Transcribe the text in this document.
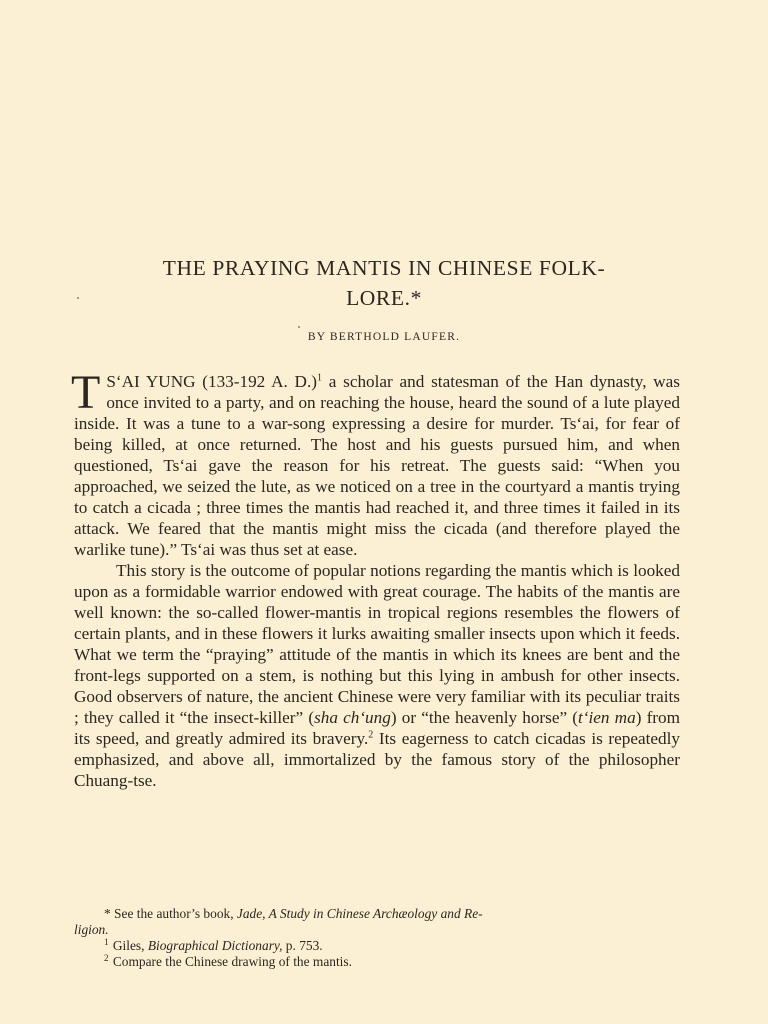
THE PRAYING MANTIS IN CHINESE FOLK-
LORE.*

BY BERTHOLD LAUFER.

T S‘AI YUNG (133-192 A. D.)$^1$ a scholar and statesman of the Han dynasty, was once invited to a party, and on reaching the house, heard the sound of a lute played inside. It was a tune to a war-song expressing a desire for murder. Ts‘ai, for fear of being killed, at once returned. The host and his guests pursued him, and when questioned, Ts‘ai gave the reason for his retreat. The guests said: “When you approached, we seized the lute, as we noticed on a tree in the courtyard a mantis trying to catch a cicada ; three times the mantis had reached it, and three times it failed in its attack. We feared that the mantis might miss the cicada (and therefore played the warlike tune).” Ts‘ai was thus set at ease.

This story is the outcome of popular notions regarding the mantis which is looked upon as a formidable warrior endowed with great courage. The habits of the mantis are well known: the so-called flower-mantis in tropical regions resembles the flowers of certain plants, and in these flowers it lurks awaiting smaller insects upon which it feeds. What we term the “praying” attitude of the mantis in which its knees are bent and the front-legs supported on a stem, is nothing but this lying in ambush for other insects. Good observers of nature, the ancient Chinese were very familiar with its peculiar traits ; they called it “the insect-killer” (sha ch‘ung) or “the heavenly horse” (t‘ien ma) from its speed, and greatly admired its bravery.$^2$ Its eagerness to catch cicadas is repeatedly emphasized, and above all, immortalized by the famous story of the philosopher Chuang-tse.

* See the author’s book, Jade, A Study in Chinese Archæology and Re-
ligion.

$^1$ Giles, Biographical Dictionary, p. 753.

$^2$ Compare the Chinese drawing of the mantis.
